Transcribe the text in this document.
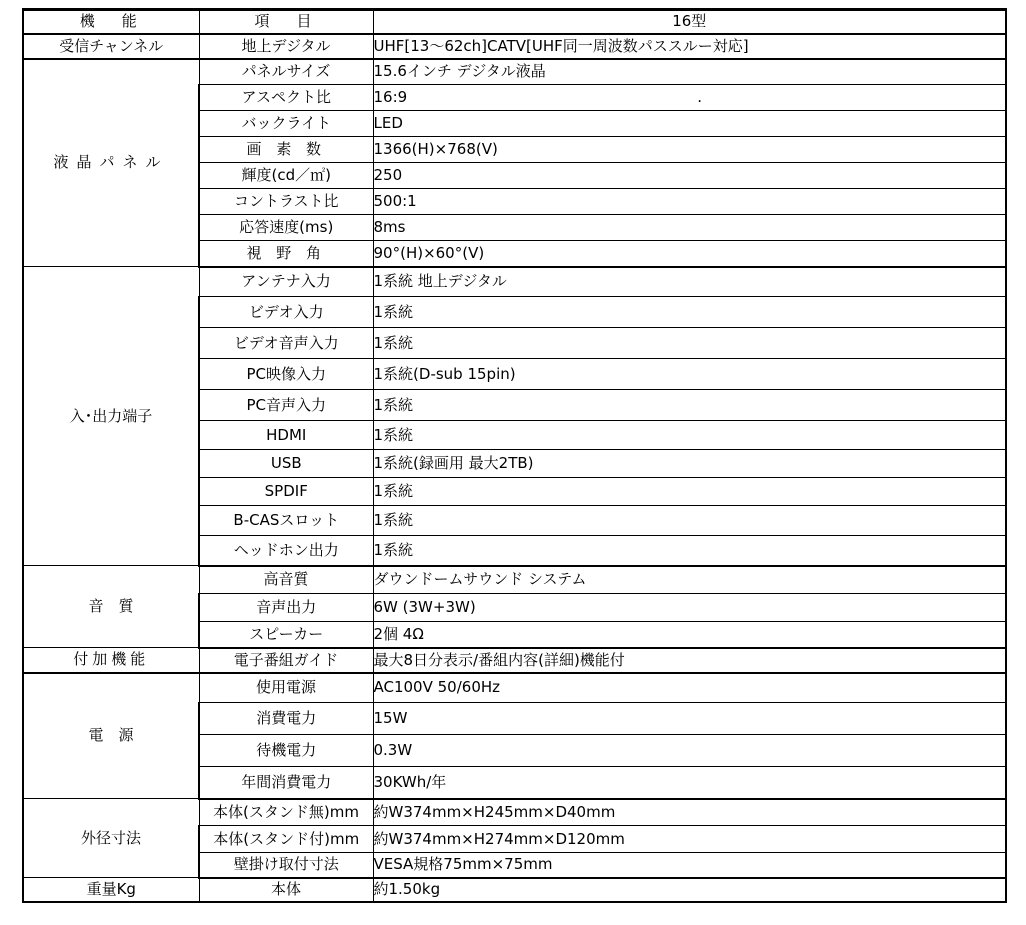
機　能	項　目	16型
受信チャンネル	地上デジタル	UHF[13〜62ch]CATV[UHF同一周波数パススルー対応]
液晶パネル	パネルサイズ	15.6インチ デジタル液晶
	アスペクト比	16:9 .
	バックライト	LED
	画 素 数	1366(H)×768(V)
	輝度(cd／㎡)	250
	コントラスト比	500:1
	応答速度(ms)	8ms
	視 野 角	90°(H)×60°(V)
入･出力端子	アンテナ入力	1系統 地上デジタル
	ビデオ入力	1系統
	ビデオ音声入力	1系統
	PC映像入力	1系統(D-sub 15pin)
	PC音声入力	1系統
	HDMI	1系統
	USB	1系統(録画用 最大2TB)
	SPDIF	1系統
	B-CASスロット	1系統
	ヘッドホン出力	1系統
音　質	高音質	ダウンドームサウンド システム
	音声出力	6W (3W+3W)
	スピーカー	2個 4Ω
付加機能	電子番組ガイド	最大8日分表示/番組内容(詳細)機能付
電　源	使用電源	AC100V 50/60Hz
	消費電力	15W
	待機電力	0.3W
	年間消費電力	30KWh/年
外径寸法	本体(スタンド無)mm	約W374mm×H245mm×D40mm
	本体(スタンド付)mm	約W374mm×H274mm×D120mm
	壁掛け取付寸法	VESA規格75mm×75mm
重量Kg	本体	約1.50kg
